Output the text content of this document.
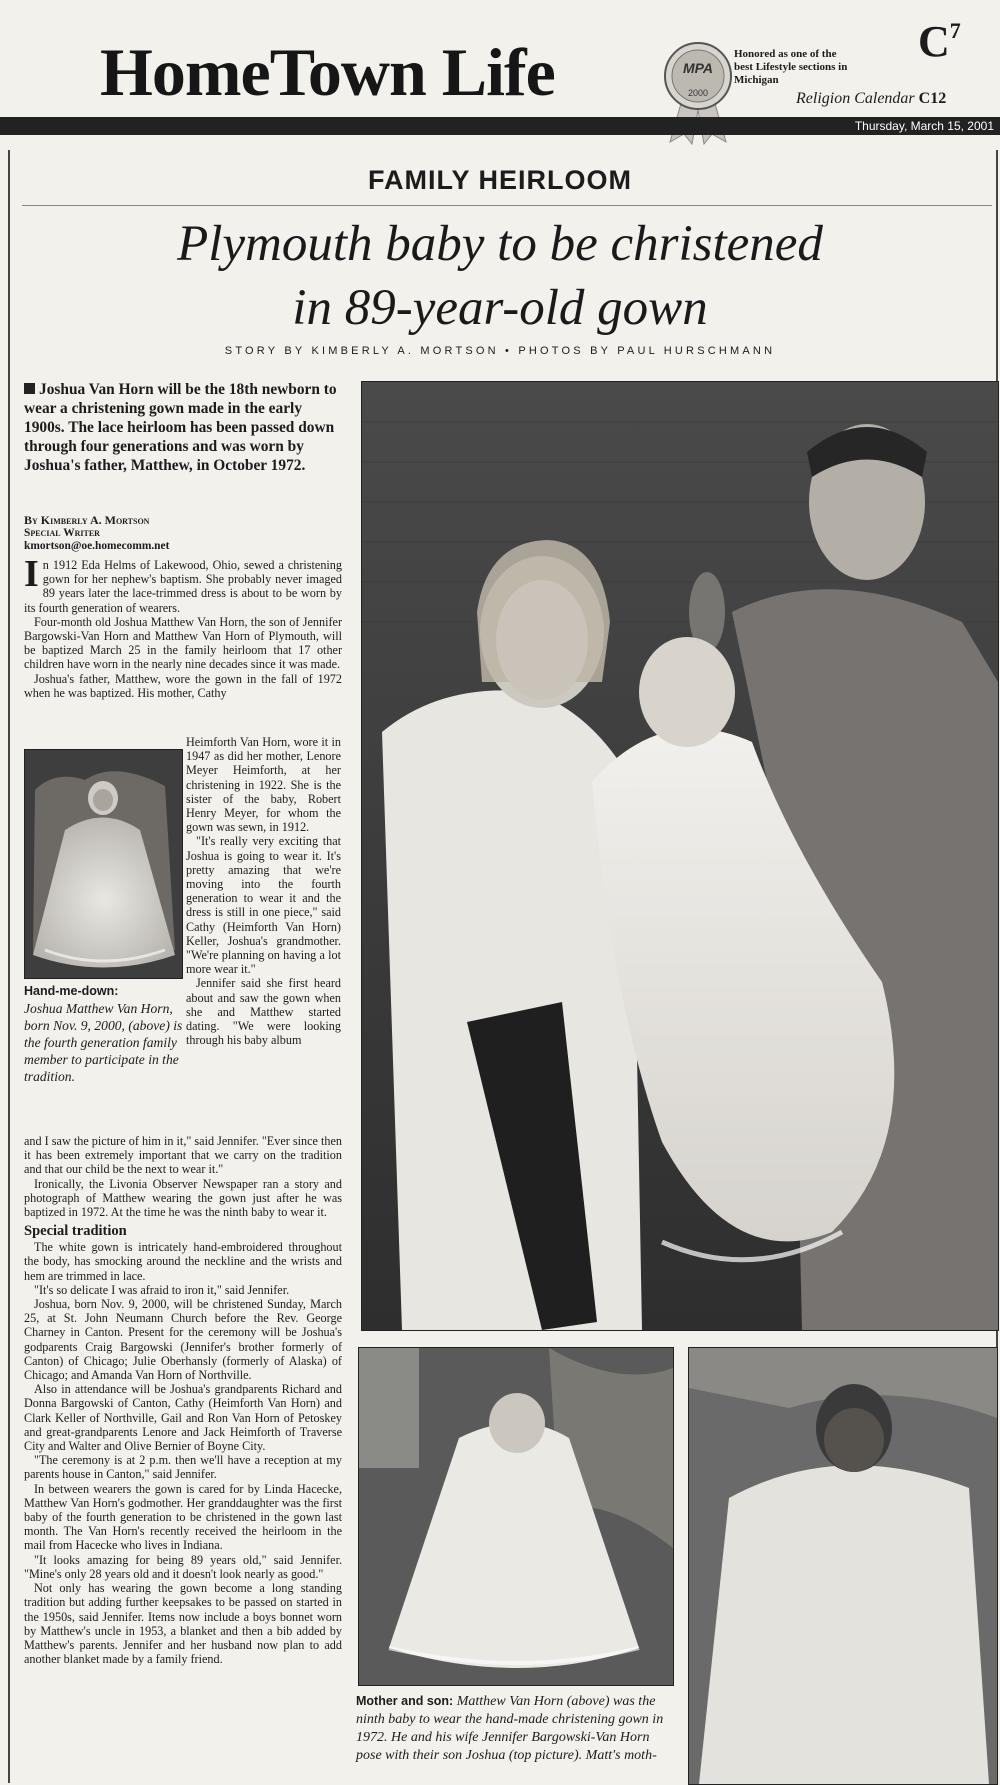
HomeTown Life	MPA
2000
Honored as one of the best Lifestyle sections in Michigan
$C^7$
Religion Calendar C12
Thursday, March 15, 2001
FAMILY HEIRLOOM
Plymouth baby to be christened
in 89-year-old gown
STORY BY KIMBERLY A. MORTSON • PHOTOS BY PAUL HURSCHMANN
Joshua Van Horn will be the 18th newborn to wear a christening gown made in the early 1900s. The lace heirloom has been passed down through four generations and was worn by Joshua's father, Matthew, in October 1972.
By Kimberly A. Mortson
Special Writer
kmortson@oe.homecomm.net

In 1912 Eda Helms of Lakewood, Ohio, sewed a christening gown for her nephew's baptism. She probably never imaged 89 years later the lace-trimmed dress is about to be worn by its fourth generation of wearers.

Four-month old Joshua Matthew Van Horn, the son of Jennifer Bargowski-Van Horn and Matthew Van Horn of Plymouth, will be baptized March 25 in the family heirloom that 17 other children have worn in the nearly nine decades since it was made.

Joshua's father, Matthew, wore the gown in the fall of 1972 when he was baptized. His mother, Cathy

Heimforth Van Horn, wore it in 1947 as did her mother, Lenore Meyer Heimforth, at her christening in 1922. She is the sister of the baby, Robert Henry Meyer, for whom the gown was sewn, in 1912.

"It's really very exciting that Joshua is going to wear it. It's pretty amazing that we're moving into the fourth generation to wear it and the dress is still in one piece," said Cathy (Heimforth Van Horn) Keller, Joshua's grandmother. "We're planning on having a lot more wear it."

Jennifer said she first heard about and saw the gown when she and Matthew started dating. "We were looking through his baby album

Hand-me-down:
Joshua Matthew Van Horn, born Nov. 9, 2000, (above) is the fourth generation family member to participate in the tradition.

and I saw the picture of him in it," said Jennifer. "Ever since then it has been extremely important that we carry on the tradition and that our child be the next to wear it."

Ironically, the Livonia Observer Newspaper ran a story and photograph of Matthew wearing the gown just after he was baptized in 1972. At the time he was the ninth baby to wear it.

Special tradition

The white gown is intricately hand-embroidered throughout the body, has smocking around the neckline and the wrists and hem are trimmed in lace.

"It's so delicate I was afraid to iron it," said Jennifer.

Joshua, born Nov. 9, 2000, will be christened Sunday, March 25, at St. John Neumann Church before the Rev. George Charney in Canton. Present for the ceremony will be Joshua's godparents Craig Bargowski (Jennifer's brother formerly of Canton) of Chicago; Julie Oberhansly (formerly of Alaska) of Chicago; and Amanda Van Horn of Northville.

Also in attendance will be Joshua's grandparents Richard and Donna Bargowski of Canton, Cathy (Heimforth Van Horn) and Clark Keller of Northville, Gail and Ron Van Horn of Petoskey and great-grandparents Lenore and Jack Heimforth of Traverse City and Walter and Olive Bernier of Boyne City.

"The ceremony is at 2 p.m. then we'll have a reception at my parents house in Canton," said Jennifer.

In between wearers the gown is cared for by Linda Hacecke, Matthew Van Horn's godmother. Her granddaughter was the first baby of the fourth generation to be christened in the gown last month. The Van Horn's recently received the heirloom in the mail from Hacecke who lives in Indiana.

"It looks amazing for being 89 years old," said Jennifer. "Mine's only 28 years old and it doesn't look nearly as good."

Not only has wearing the gown become a long standing tradition but adding further keepsakes to be passed on started in the 1950s, said Jennifer. Items now include a boys bonnet worn by Matthew's uncle in 1953, a blanket and then a bib added by Matthew's parents. Jennifer and her husband now plan to add another blanket made by a family friend.

Mother and son: Matthew Van Horn (above) was the ninth baby to wear the hand-made christening gown in 1972. He and his wife Jennifer Bargowski-Van Horn pose with their son Joshua (top picture). Matt's moth-
